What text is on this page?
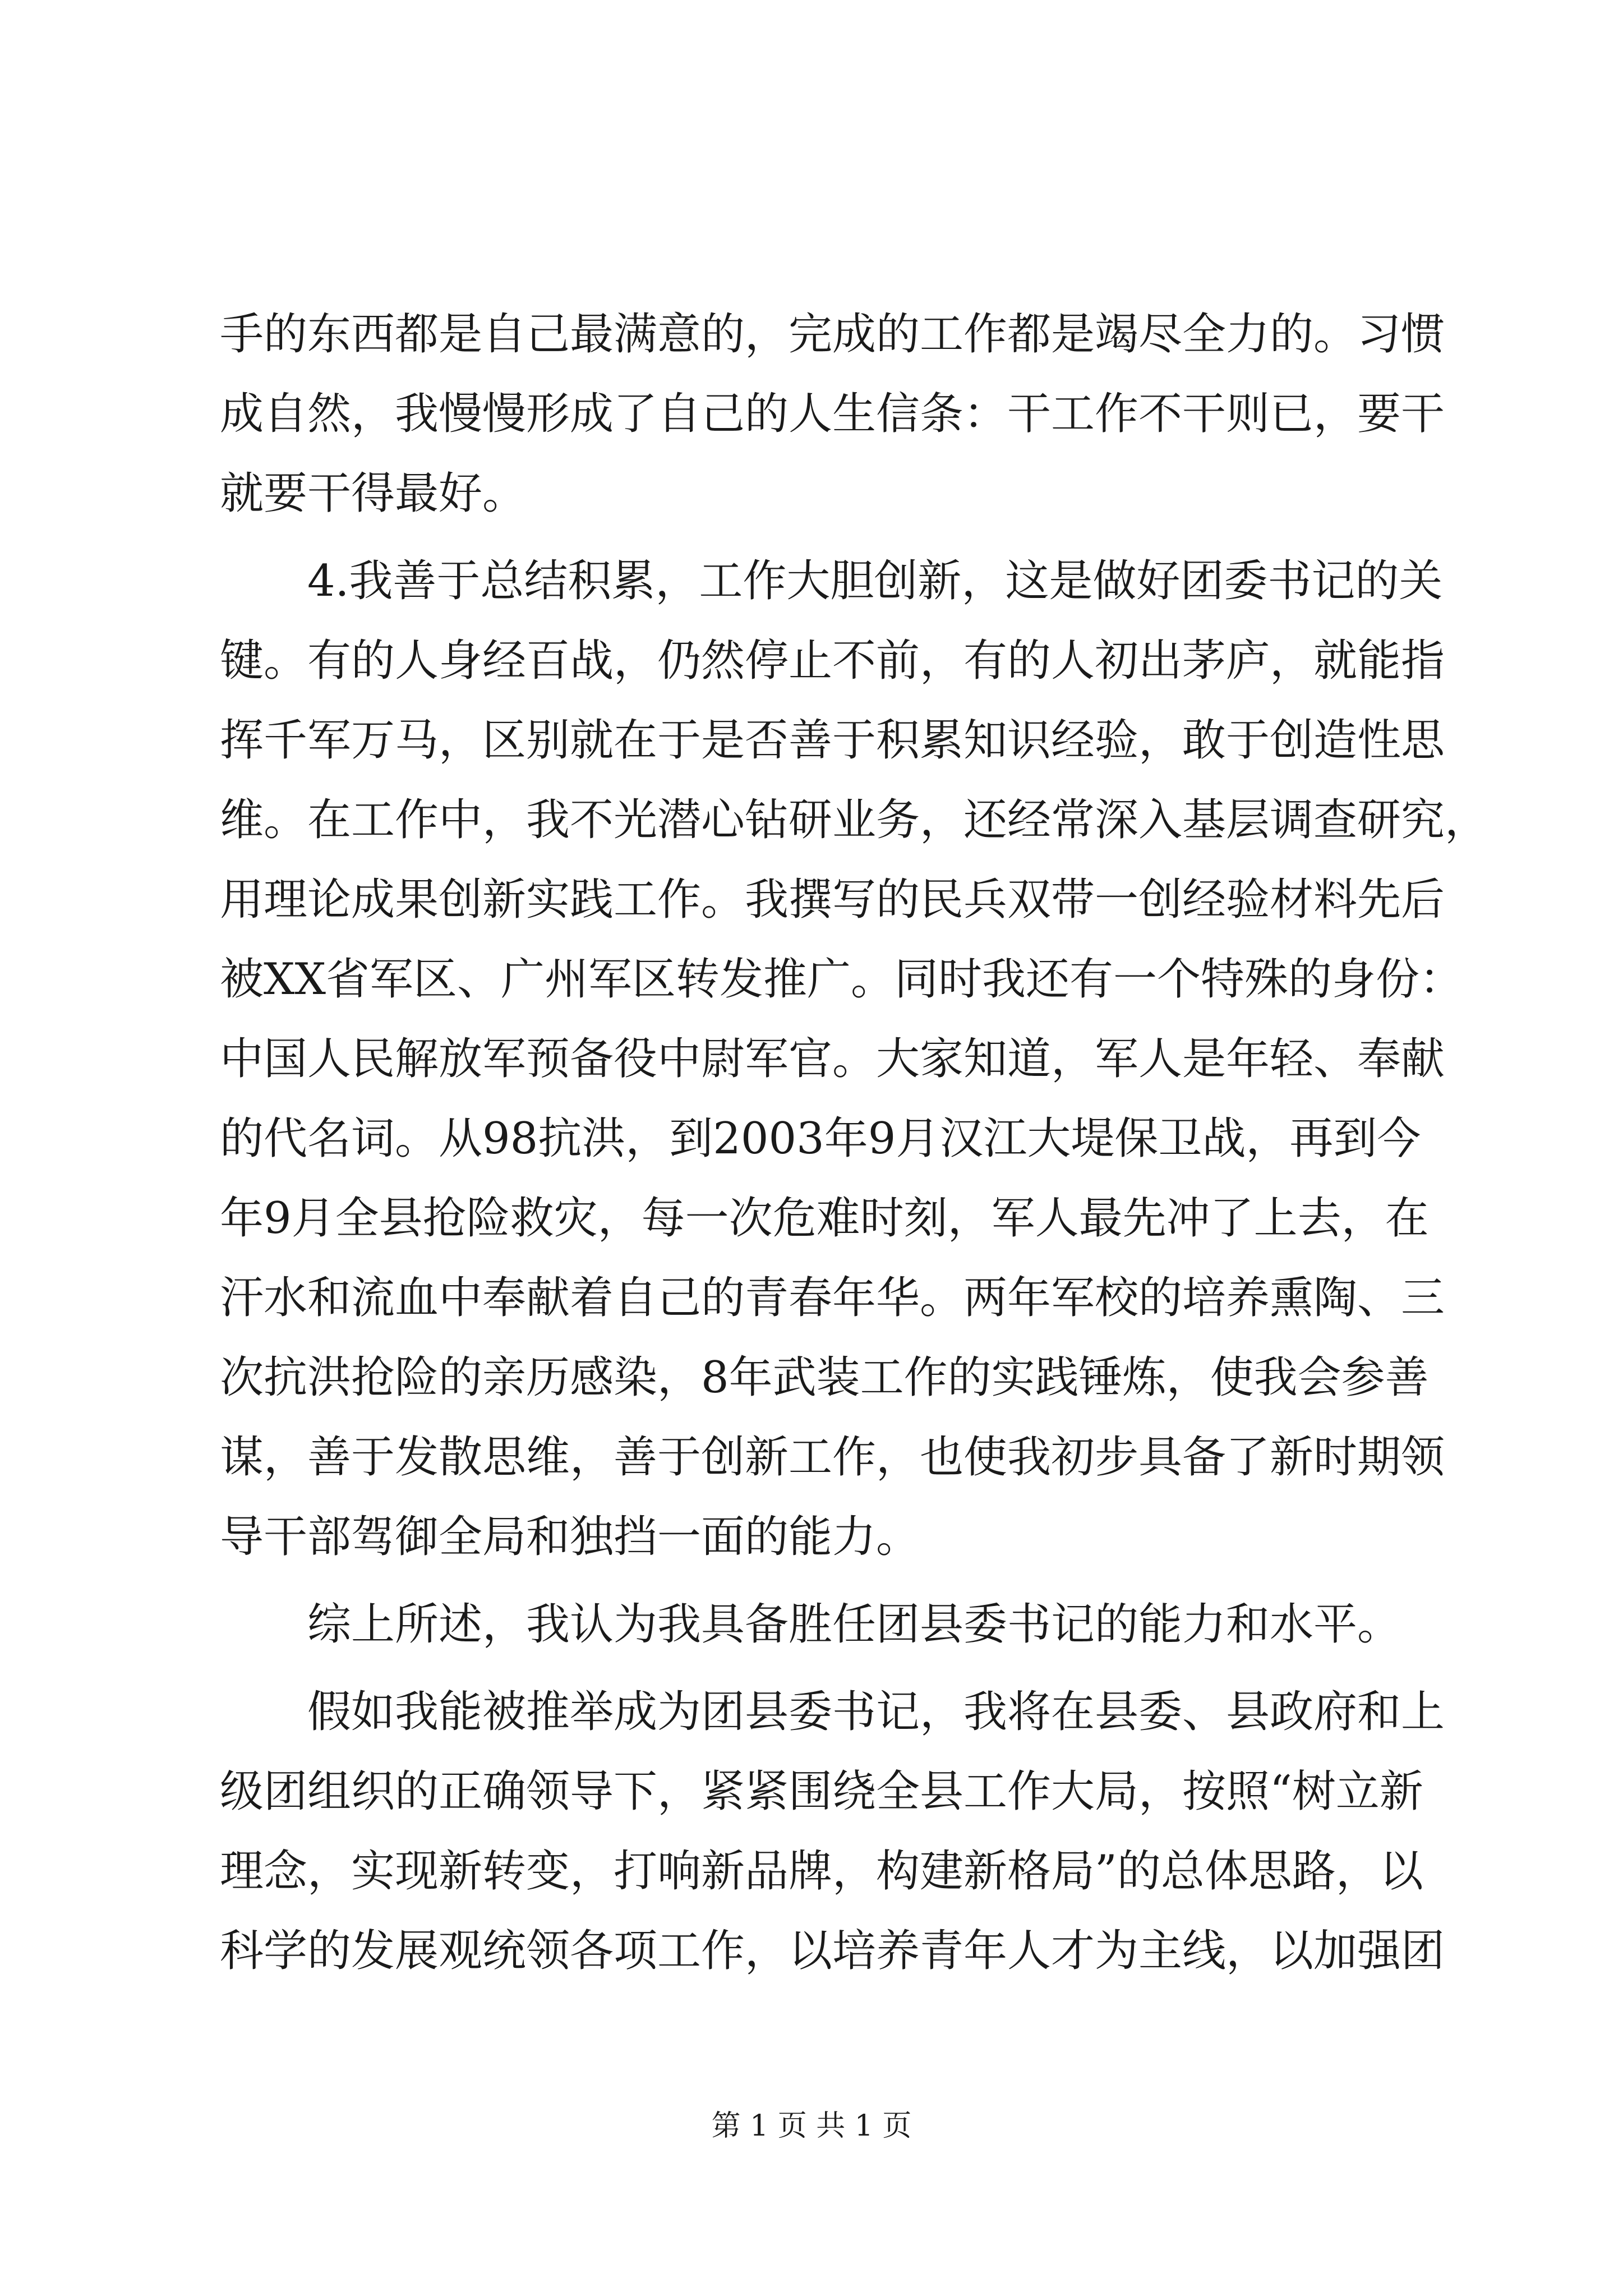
手的东西都是自己最满意的，完成的工作都是竭尽全力的。习惯
成自然，我慢慢形成了自己的人生信条：干工作不干则已，要干
就要干得最好。
　　4.我善于总结积累，工作大胆创新，这是做好团委书记的关
键。有的人身经百战，仍然停止不前，有的人初出茅庐，就能指
挥千军万马，区别就在于是否善于积累知识经验，敢于创造性思
维。在工作中，我不光潜心钻研业务，还经常深入基层调查研究，
用理论成果创新实践工作。我撰写的民兵双带一创经验材料先后
被XX省军区、广州军区转发推广。同时我还有一个特殊的身份：
中国人民解放军预备役中尉军官。大家知道，军人是年轻、奉献
的代名词。从98抗洪，到2003年9月汉江大堤保卫战，再到今
年9月全县抢险救灾，每一次危难时刻，军人最先冲了上去，在
汗水和流血中奉献着自己的青春年华。两年军校的培养熏陶、三
次抗洪抢险的亲历感染，8年武装工作的实践锤炼，使我会参善
谋，善于发散思维，善于创新工作，也使我初步具备了新时期领
导干部驾御全局和独挡一面的能力。
　　综上所述，我认为我具备胜任团县委书记的能力和水平。
　　假如我能被推举成为团县委书记，我将在县委、县政府和上
级团组织的正确领导下，紧紧围绕全县工作大局，按照“树立新
理念，实现新转变，打响新品牌，构建新格局”的总体思路，以
科学的发展观统领各项工作，以培养青年人才为主线，以加强团
第 1 页 共 1 页
